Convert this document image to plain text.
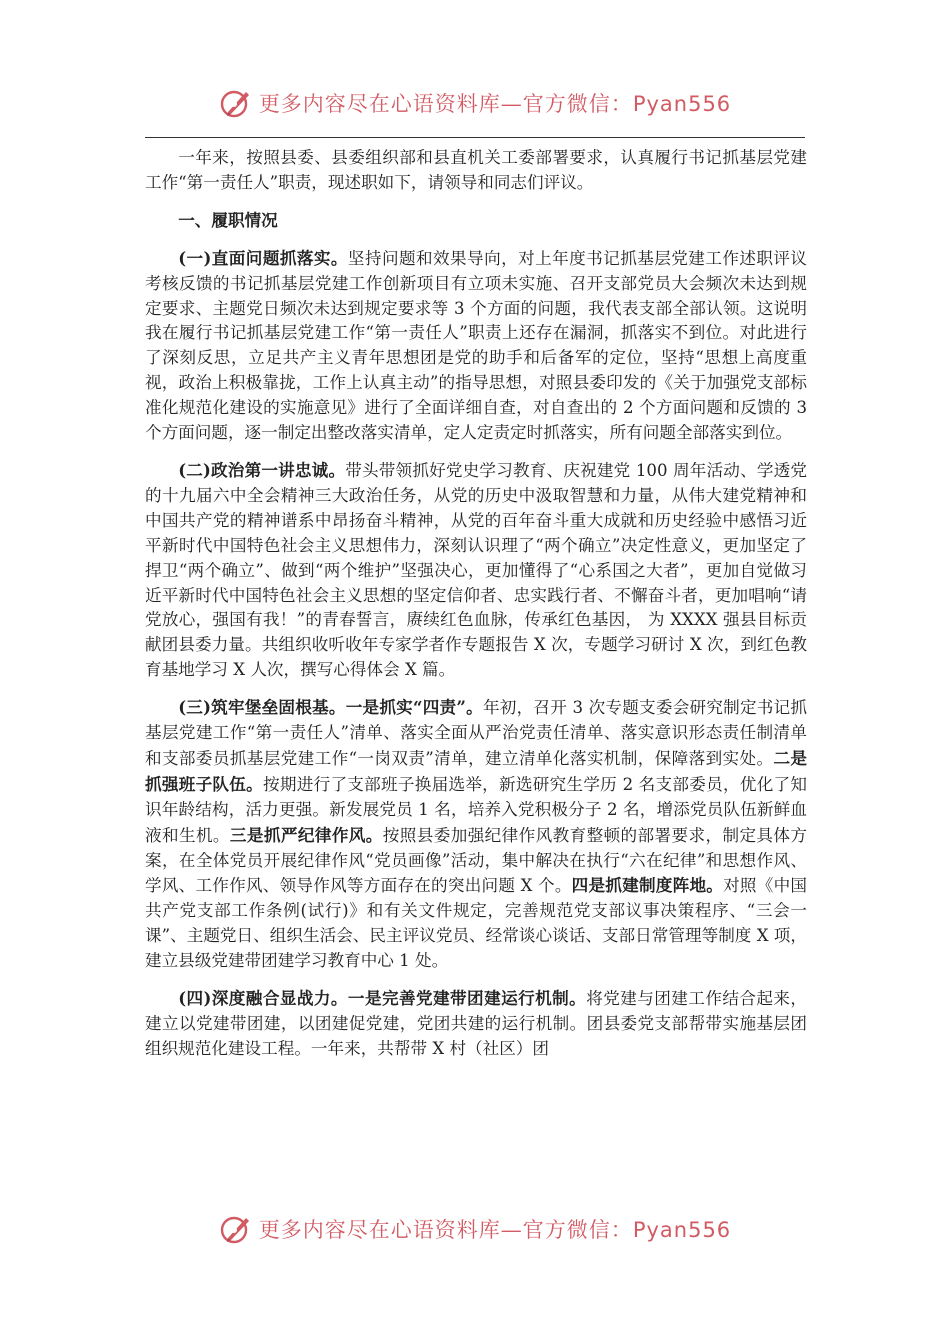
更多内容尽在心语资料库—官方微信：Pyan556

一年来，按照县委、县委组织部和县直机关工委部署要求，认真履行书记抓基层党建工作“第一责任人”职责，现述职如下，请领导和同志们评议。

一、履职情况

(一)直面问题抓落实。坚持问题和效果导向，对上年度书记抓基层党建工作述职评议考核反馈的书记抓基层党建工作创新项目有立项未实施、召开支部党员大会频次未达到规定要求、主题党日频次未达到规定要求等 3 个方面的问题，我代表支部全部认领。这说明我在履行书记抓基层党建工作“第一责任人”职责上还存在漏洞，抓落实不到位。对此进行了深刻反思，立足共产主义青年思想团是党的助手和后备军的定位，坚持“思想上高度重视，政治上积极靠拢，工作上认真主动”的指导思想，对照县委印发的《关于加强党支部标准化规范化建设的实施意见》进行了全面详细自查，对自查出的 2 个方面问题和反馈的 3 个方面问题，逐一制定出整改落实清单，定人定责定时抓落实，所有问题全部落实到位。

(二)政治第一讲忠诚。带头带领抓好党史学习教育、庆祝建党 100 周年活动、学透党的十九届六中全会精神三大政治任务，从党的历史中汲取智慧和力量，从伟大建党精神和中国共产党的精神谱系中昂扬奋斗精神，从党的百年奋斗重大成就和历史经验中感悟习近平新时代中国特色社会主义思想伟力，深刻认识理了“两个确立”决定性意义，更加坚定了捍卫“两个确立”、做到“两个维护”坚强决心，更加懂得了“心系国之大者”，更加自觉做习近平新时代中国特色社会主义思想的坚定信仰者、忠实践行者、不懈奋斗者，更加唱响“请党放心，强国有我！”的青春誓言，赓续红色血脉，传承红色基因， 为 XXXX 强县目标贡献团县委力量。共组织收听收年专家学者作专题报告 X 次，专题学习研讨 X 次，到红色教育基地学习 X 人次，撰写心得体会 X 篇。

(三)筑牢堡垒固根基。一是抓实“四责”。年初，召开 3 次专题支委会研究制定书记抓基层党建工作“第一责任人”清单、落实全面从严治党责任清单、落实意识形态责任制清单和支部委员抓基层党建工作“一岗双责”清单，建立清单化落实机制，保障落到实处。二是抓强班子队伍。按期进行了支部班子换届选举，新选研究生学历 2 名支部委员，优化了知识年龄结构，活力更强。新发展党员 1 名，培养入党积极分子 2 名，增添党员队伍新鲜血液和生机。三是抓严纪律作风。按照县委加强纪律作风教育整顿的部署要求，制定具体方案，在全体党员开展纪律作风“党员画像”活动，集中解决在执行“六在纪律”和思想作风、学风、工作作风、领导作风等方面存在的突出问题 X 个。四是抓建制度阵地。对照《中国共产党支部工作条例(试行)》和有关文件规定，完善规范党支部议事决策程序、“三会一课”、主题党日、组织生活会、民主评议党员、经常谈心谈话、支部日常管理等制度 X 项，建立县级党建带团建学习教育中心 1 处。

(四)深度融合显战力。一是完善党建带团建运行机制。将党建与团建工作结合起来，建立以党建带团建，以团建促党建，党团共建的运行机制。团县委党支部帮带实施基层团组织规范化建设工程。一年来，共帮带 X 村（社区）团

更多内容尽在心语资料库—官方微信：Pyan556
